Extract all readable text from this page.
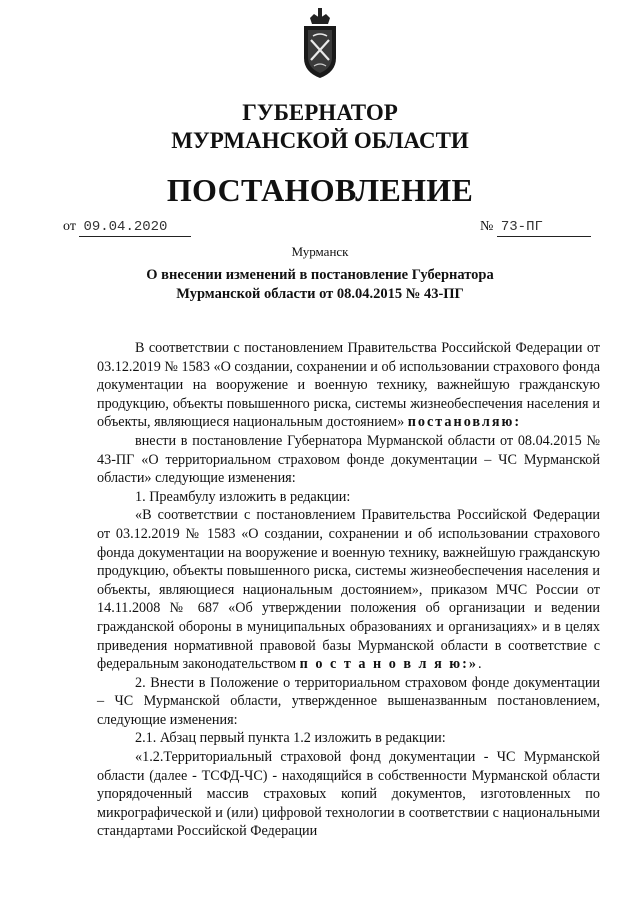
ГУБЕРНАТОР
МУРМАНСКОЙ ОБЛАСТИ
ПОСТАНОВЛЕНИЕ
от 09.04.2020	№ 73-ПГ
Мурманск
О внесении изменений в постановление Губернатора Мурманской области от 08.04.2015 № 43-ПГ

В соответствии с постановлением Правительства Российской Федерации от 03.12.2019 № 1583 «О создании, сохранении и об использовании страхового фонда документации на вооружение и военную технику, важнейшую гражданскую продукцию, объекты повышенного риска, системы жизнеобеспечения населения и объекты, являющиеся национальным достоянием» постановляю:

внести в постановление Губернатора Мурманской области от 08.04.2015 № 43-ПГ «О территориальном страховом фонде документации – ЧС Мурманской области» следующие изменения:

1. Преамбулу изложить в редакции:

«В соответствии с постановлением Правительства Российской Федерации от 03.12.2019 № 1583 «О создании, сохранении и об использовании страхового фонда документации на вооружение и военную технику, важнейшую гражданскую продукцию, объекты повышенного риска, системы жизнеобеспечения населения и объекты, являющиеся национальным достоянием», приказом МЧС России от 14.11.2008 № 687 «Об утверждении положения об организации и ведении гражданской обороны в муниципальных образованиях и организациях» и в целях приведения нормативной правовой базы Мурманской области в соответствие с федеральным законодательством п о с т а н о в л я ю:».

2. Внести в Положение о территориальном страховом фонде документации – ЧС Мурманской области, утвержденное вышеназванным постановлением, следующие изменения:

2.1. Абзац первый пункта 1.2 изложить в редакции:

«1.2.Территориальный страховой фонд документации - ЧС Мурманской области (далее - ТСФД-ЧС) - находящийся в собственности Мурманской области упорядоченный массив страховых копий документов, изготовленных по микрографической и (или) цифровой технологии в соответствии с национальными стандартами Российской Федерации
